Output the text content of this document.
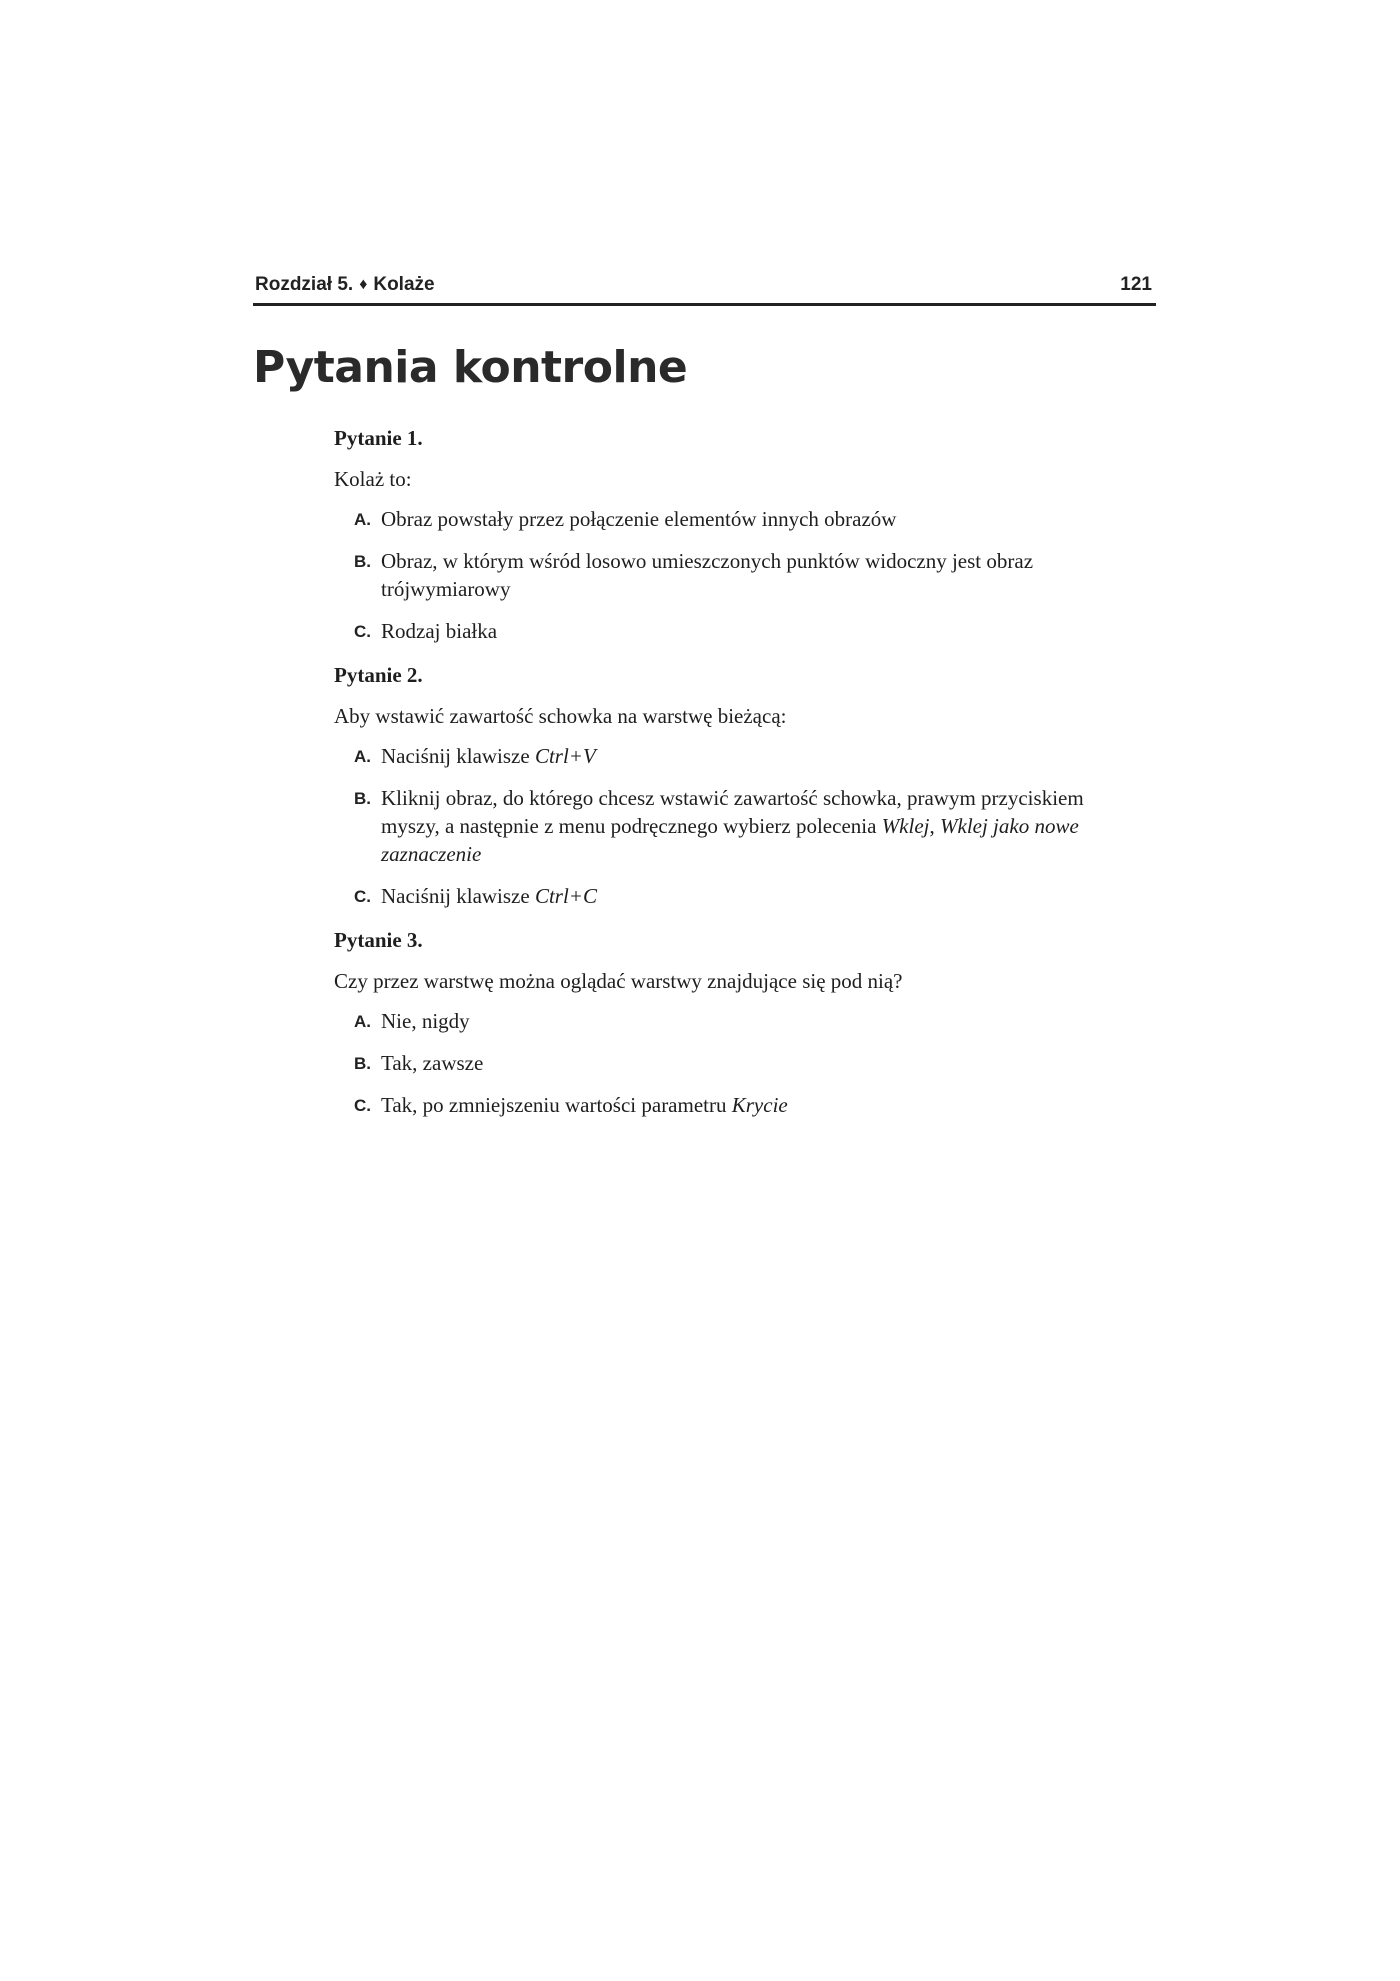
Rozdział 5. ♦ Kolaże	121
Pytania kontrolne

Pytanie 1.

Kolaż to:

A. Obraz powstały przez połączenie elementów innych obrazów
B. Obraz, w którym wśród losowo umieszczonych punktów widoczny jest obraz trójwymiarowy
C. Rodzaj białka

Pytanie 2.

Aby wstawić zawartość schowka na warstwę bieżącą:

A. Naciśnij klawisze Ctrl+V
B. Kliknij obraz, do którego chcesz wstawić zawartość schowka, prawym przyciskiem myszy, a następnie z menu podręcznego wybierz polecenia Wklej, Wklej jako nowe zaznaczenie
C. Naciśnij klawisze Ctrl+C

Pytanie 3.

Czy przez warstwę można oglądać warstwy znajdujące się pod nią?

A. Nie, nigdy
B. Tak, zawsze
C. Tak, po zmniejszeniu wartości parametru Krycie
